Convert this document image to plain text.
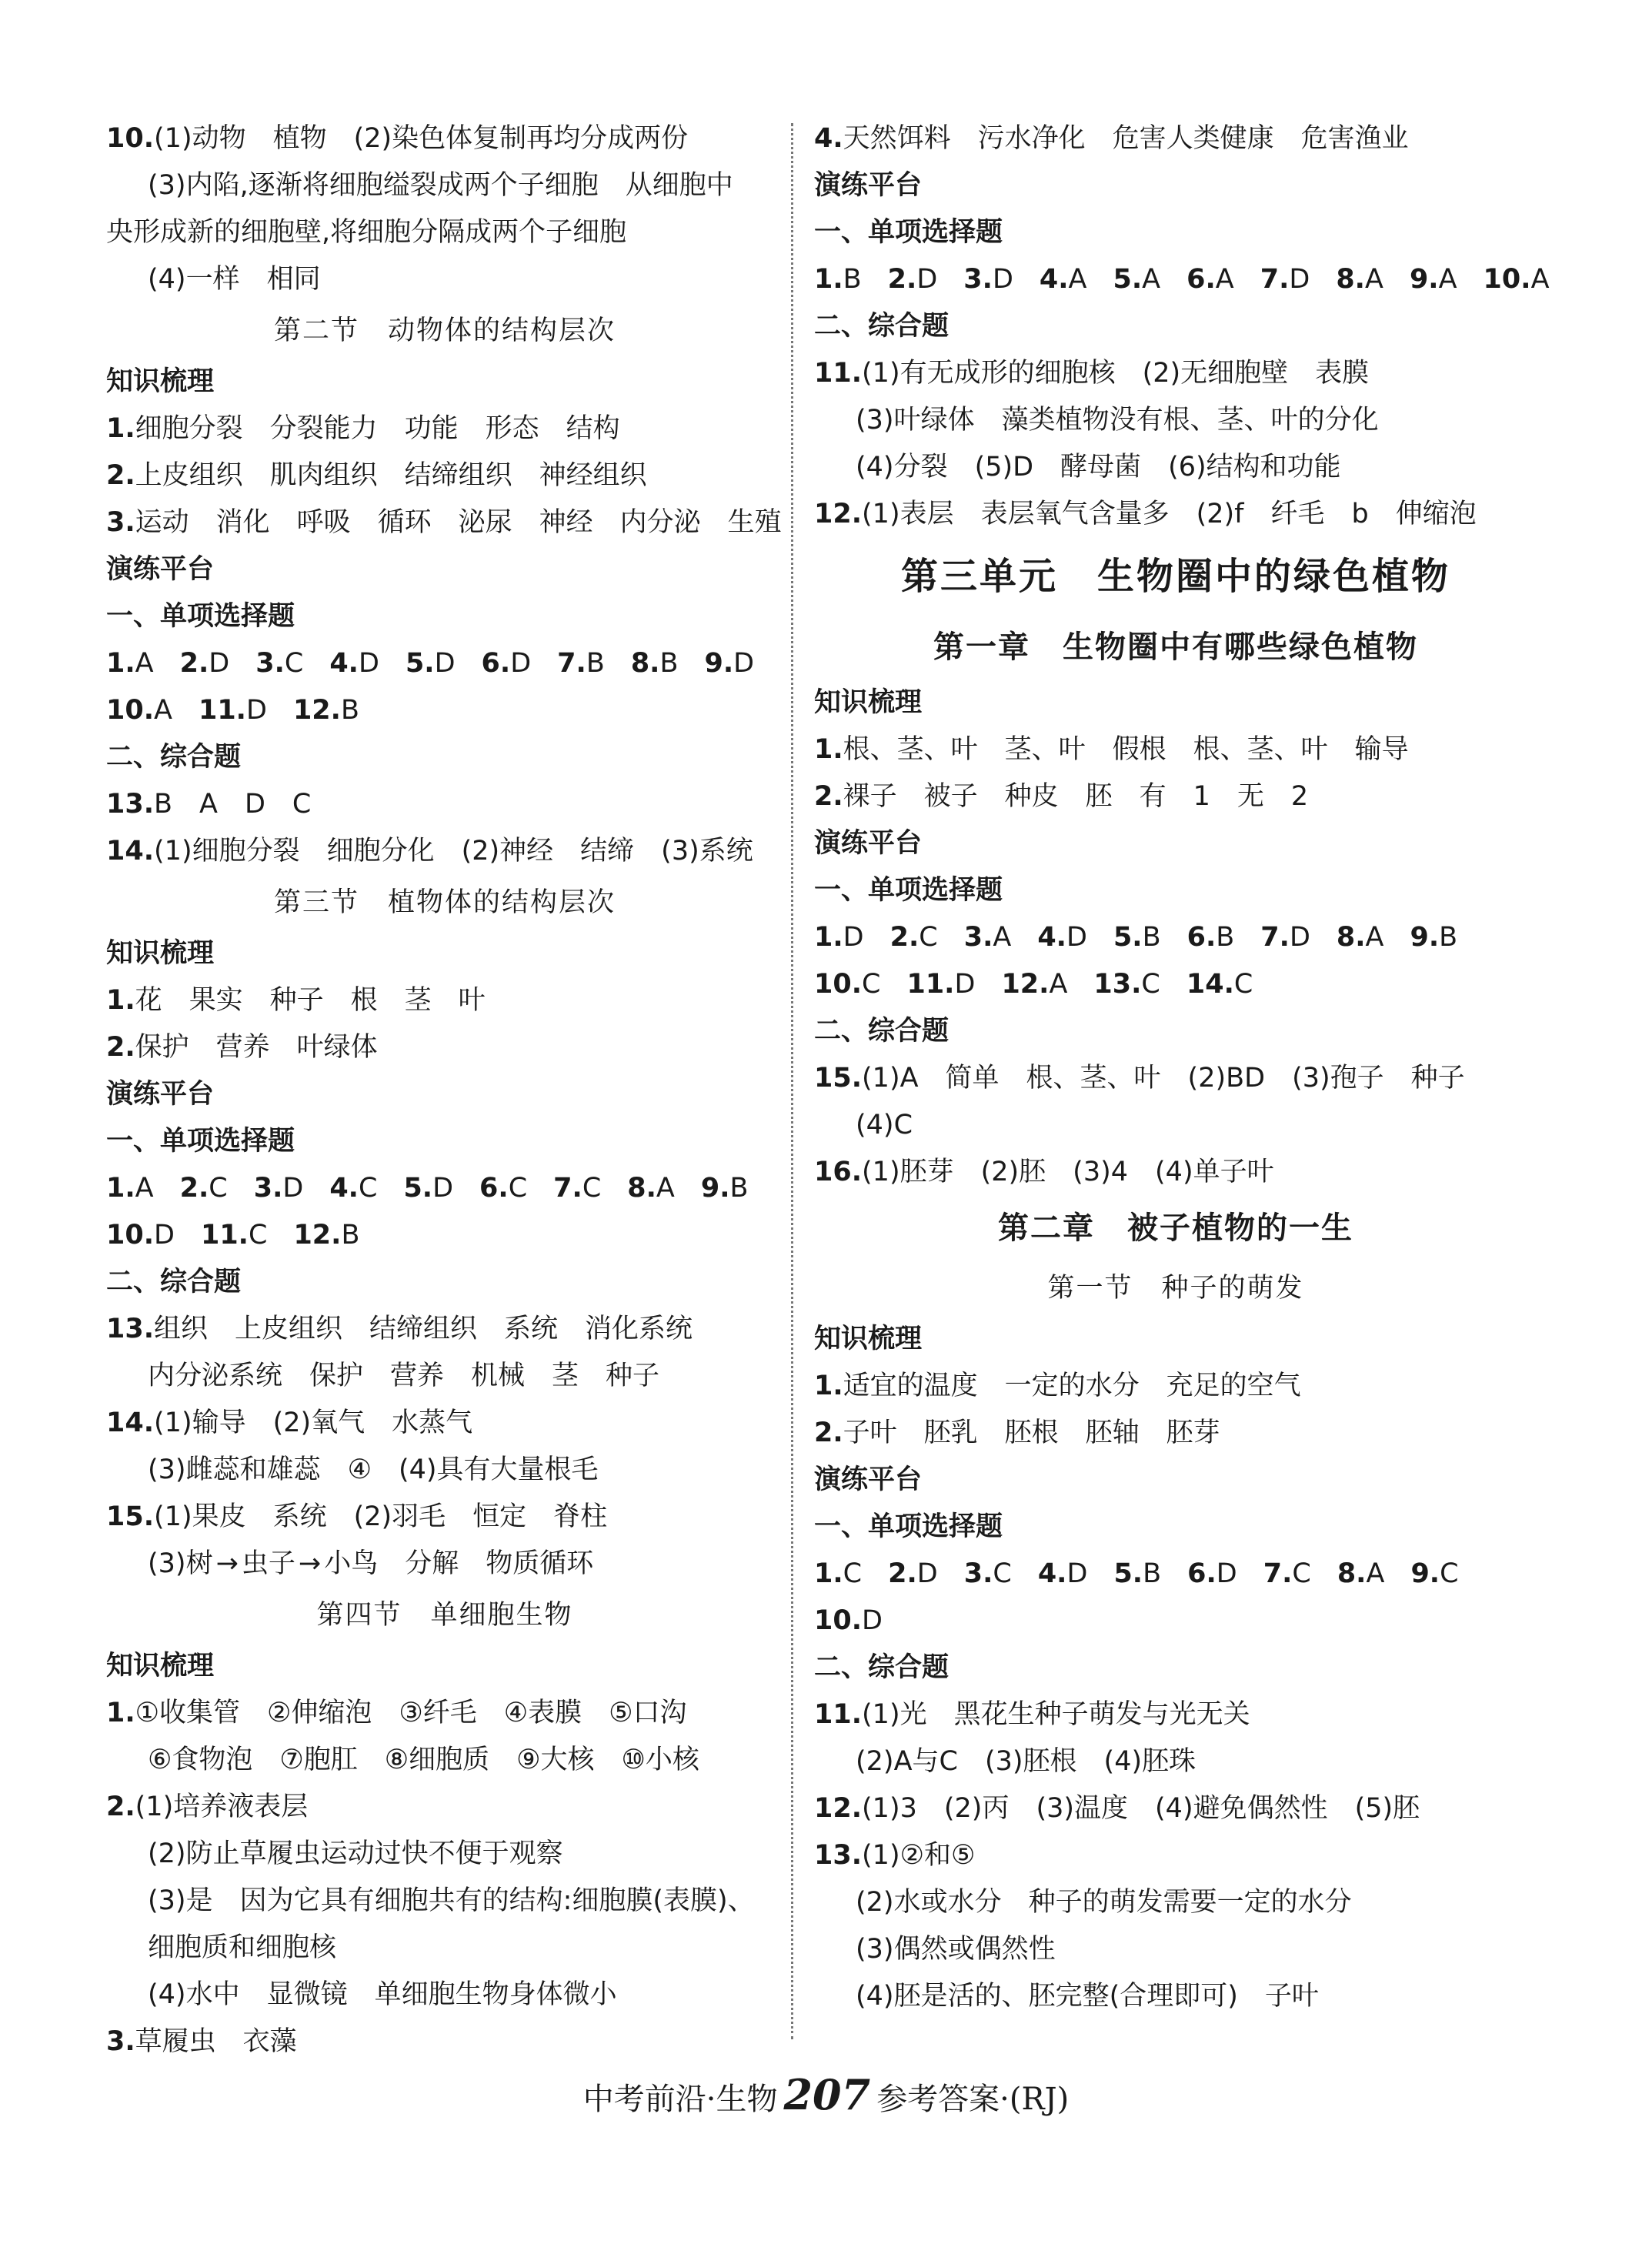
10.(1)动物　植物　(2)染色体复制再均分成两份
(3)内陷,逐渐将细胞缢裂成两个子细胞　从细胞中
央形成新的细胞壁,将细胞分隔成两个子细胞
(4)一样　相同
第二节　动物体的结构层次
知识梳理
1.细胞分裂　分裂能力　功能　形态　结构
2.上皮组织　肌肉组织　结缔组织　神经组织
3.运动　消化　呼吸　循环　泌尿　神经　内分泌　生殖
演练平台
一、单项选择题
1.A 2.D 3.C 4.D 5.D 6.D 7.B 8.B 9.D
10.A 11.D 12.B
二、综合题
13.B　A　D　C
14.(1)细胞分裂　细胞分化　(2)神经　结缔　(3)系统
第三节　植物体的结构层次
知识梳理
1.花　果实　种子　根　茎　叶
2.保护　营养　叶绿体
演练平台
一、单项选择题
1.A 2.C 3.D 4.C 5.D 6.C 7.C 8.A 9.B
10.D 11.C 12.B
二、综合题
13.组织　上皮组织　结缔组织　系统　消化系统
内分泌系统　保护　营养　机械　茎　种子
14.(1)输导　(2)氧气　水蒸气
(3)雌蕊和雄蕊　④　(4)具有大量根毛
15.(1)果皮　系统　(2)羽毛　恒定　脊柱
(3)树 → 虫子 → 小鸟　分解　物质循环
第四节　单细胞生物
知识梳理
1.①收集管　②伸缩泡　③纤毛　④表膜　⑤口沟
⑥食物泡　⑦胞肛　⑧细胞质　⑨大核　⑩小核
2.(1)培养液表层
(2)防止草履虫运动过快不便于观察
(3)是　因为它具有细胞共有的结构:细胞膜(表膜)、
细胞质和细胞核
(4)水中　显微镜　单细胞生物身体微小
3.草履虫　衣藻
4.天然饵料　污水净化　危害人类健康　危害渔业
演练平台
一、单项选择题
1.B 2.D 3.D 4.A 5.A 6.A 7.D 8.A 9.A 10.A
二、综合题
11.(1)有无成形的细胞核　(2)无细胞壁　表膜
(3)叶绿体　藻类植物没有根、茎、叶的分化
(4)分裂　(5)D　酵母菌　(6)结构和功能
12.(1)表层　表层氧气含量多　(2)f　纤毛　b　伸缩泡
第三单元　生物圈中的绿色植物
第一章　生物圈中有哪些绿色植物
知识梳理
1.根、茎、叶　茎、叶　假根　根、茎、叶　输导
2.裸子　被子　种皮　胚　有　1　无　2
演练平台
一、单项选择题
1.D 2.C 3.A 4.D 5.B 6.B 7.D 8.A 9.B
10.C 11.D 12.A 13.C 14.C
二、综合题
15.(1)A　简单　根、茎、叶　(2)BD　(3)孢子　种子
(4)C
16.(1)胚芽　(2)胚　(3)4　(4)单子叶
第二章　被子植物的一生
第一节　种子的萌发
知识梳理
1.适宜的温度　一定的水分　充足的空气
2.子叶　胚乳　胚根　胚轴　胚芽
演练平台
一、单项选择题
1.C 2.D 3.C 4.D 5.B 6.D 7.C 8.A 9.C
10.D
二、综合题
11.(1)光　黑花生种子萌发与光无关
(2)A与C　(3)胚根　(4)胚珠
12.(1)3　(2)丙　(3)温度　(4)避免偶然性　(5)胚
13.(1)②和⑤
(2)水或水分　种子的萌发需要一定的水分
(3)偶然或偶然性
(4)胚是活的、胚完整(合理即可)　子叶
中考前沿·生物 207 参考答案·(RJ)
